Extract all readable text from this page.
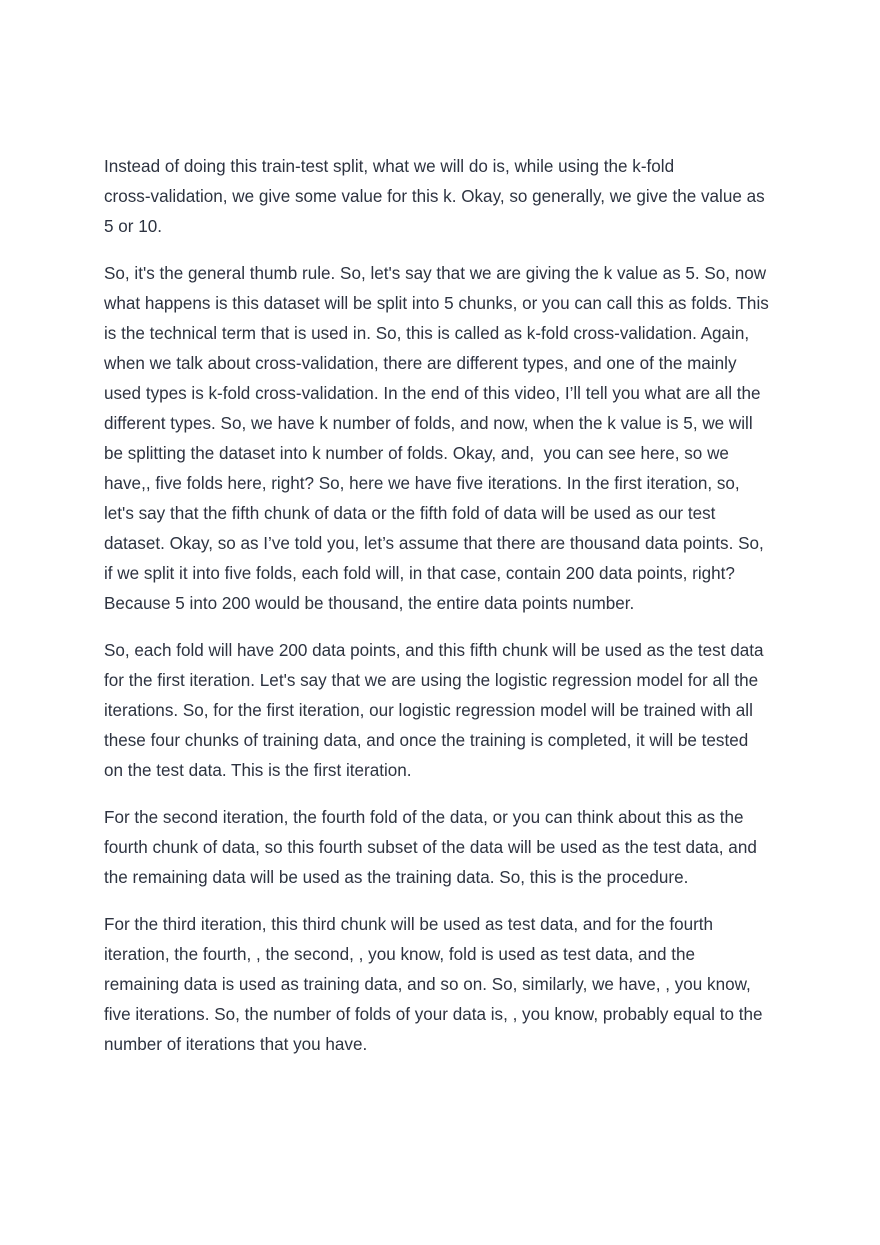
Instead of doing this train-test split, what we will do is, while using the k-fold
cross-validation, we give some value for this k. Okay, so generally, we give the value as
5 or 10.

So, it's the general thumb rule. So, let's say that we are giving the k value as 5. So, now
what happens is this dataset will be split into 5 chunks, or you can call this as folds. This
is the technical term that is used in. So, this is called as k-fold cross-validation. Again,
when we talk about cross-validation, there are different types, and one of the mainly
used types is k-fold cross-validation. In the end of this video, I’ll tell you what are all the
different types. So, we have k number of folds, and now, when the k value is 5, we will
be splitting the dataset into k number of folds. Okay, and,  you can see here, so we
have,, five folds here, right? So, here we have five iterations. In the first iteration, so,
let's say that the fifth chunk of data or the fifth fold of data will be used as our test
dataset. Okay, so as I’ve told you, let’s assume that there are thousand data points. So,
if we split it into five folds, each fold will, in that case, contain 200 data points, right?
Because 5 into 200 would be thousand, the entire data points number.

So, each fold will have 200 data points, and this fifth chunk will be used as the test data
for the first iteration. Let's say that we are using the logistic regression model for all the
iterations. So, for the first iteration, our logistic regression model will be trained with all
these four chunks of training data, and once the training is completed, it will be tested
on the test data. This is the first iteration.

For the second iteration, the fourth fold of the data, or you can think about this as the
fourth chunk of data, so this fourth subset of the data will be used as the test data, and
the remaining data will be used as the training data. So, this is the procedure.

For the third iteration, this third chunk will be used as test data, and for the fourth
iteration, the fourth, , the second, , you know, fold is used as test data, and the
remaining data is used as training data, and so on. So, similarly, we have, , you know,
five iterations. So, the number of folds of your data is, , you know, probably equal to the
number of iterations that you have.
